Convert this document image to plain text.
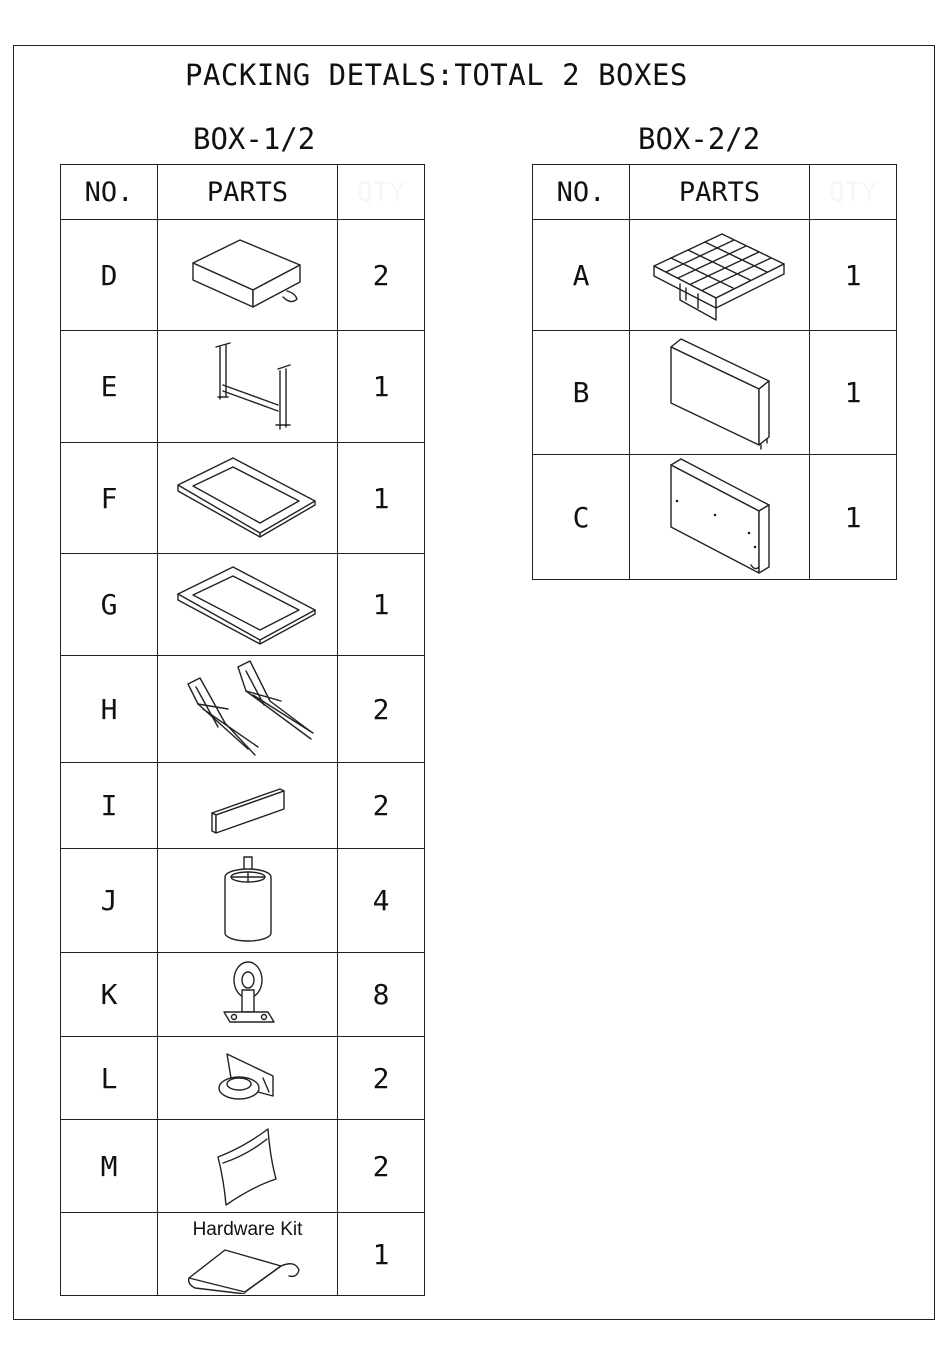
PACKING DETALS:TOTAL 2 BOXES
BOX-1/2	BOX-2/2
NO.	PARTS	QTY
D		2
E		1
F		1
G		1
H		2
I		2
J		4
K		8
L		2
M		2

	Hardware Kit	1
NO.	PARTS	QTY
A		1
B		1
C		1
